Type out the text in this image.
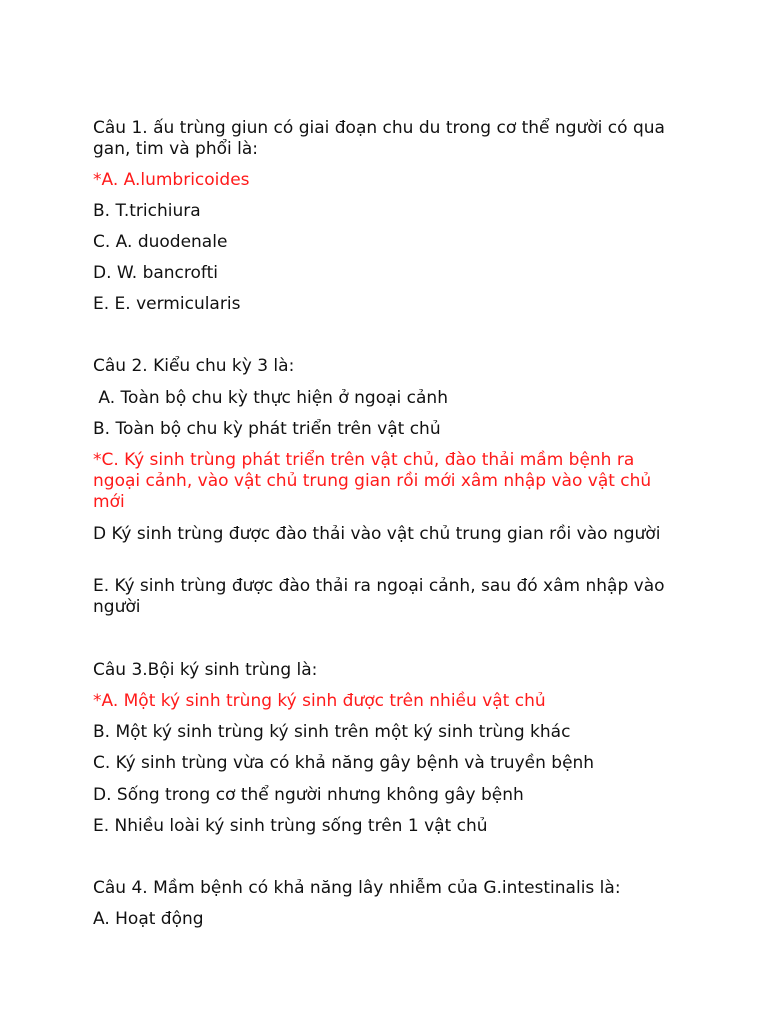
Câu 1. ấu trùng giun có giai đoạn chu du trong cơ thể người có qua gan, tim và phổi là:
*A. A.lumbricoides
B. T.trichiura
C. A. duodenale
D. W. bancrofti
E. E. vermicularis
Câu 2. Kiểu chu kỳ 3 là:
A. Toàn bộ chu kỳ thực hiện ở ngoại cảnh
B. Toàn bộ chu kỳ phát triển trên vật chủ
*C. Ký sinh trùng phát triển trên vật chủ, đào thải mầm bệnh ra ngoại cảnh, vào vật chủ trung gian rồi mới xâm nhập vào vật chủ mới
D Ký sinh trùng được đào thải vào vật chủ trung gian rồi vào người
E. Ký sinh trùng được đào thải ra ngoại cảnh, sau đó xâm nhập vào người
Câu 3.Bội ký sinh trùng là:
*A. Một ký sinh trùng ký sinh được trên nhiều vật chủ
B. Một ký sinh trùng ký sinh trên một ký sinh trùng khác
C. Ký sinh trùng vừa có khả năng gây bệnh và truyền bệnh
D. Sống trong cơ thể người nhưng không gây bệnh
E. Nhiều loài ký sinh trùng sống trên 1 vật chủ
Câu 4. Mầm bệnh có khả năng lây nhiễm của G.intestinalis là:
A. Hoạt động
